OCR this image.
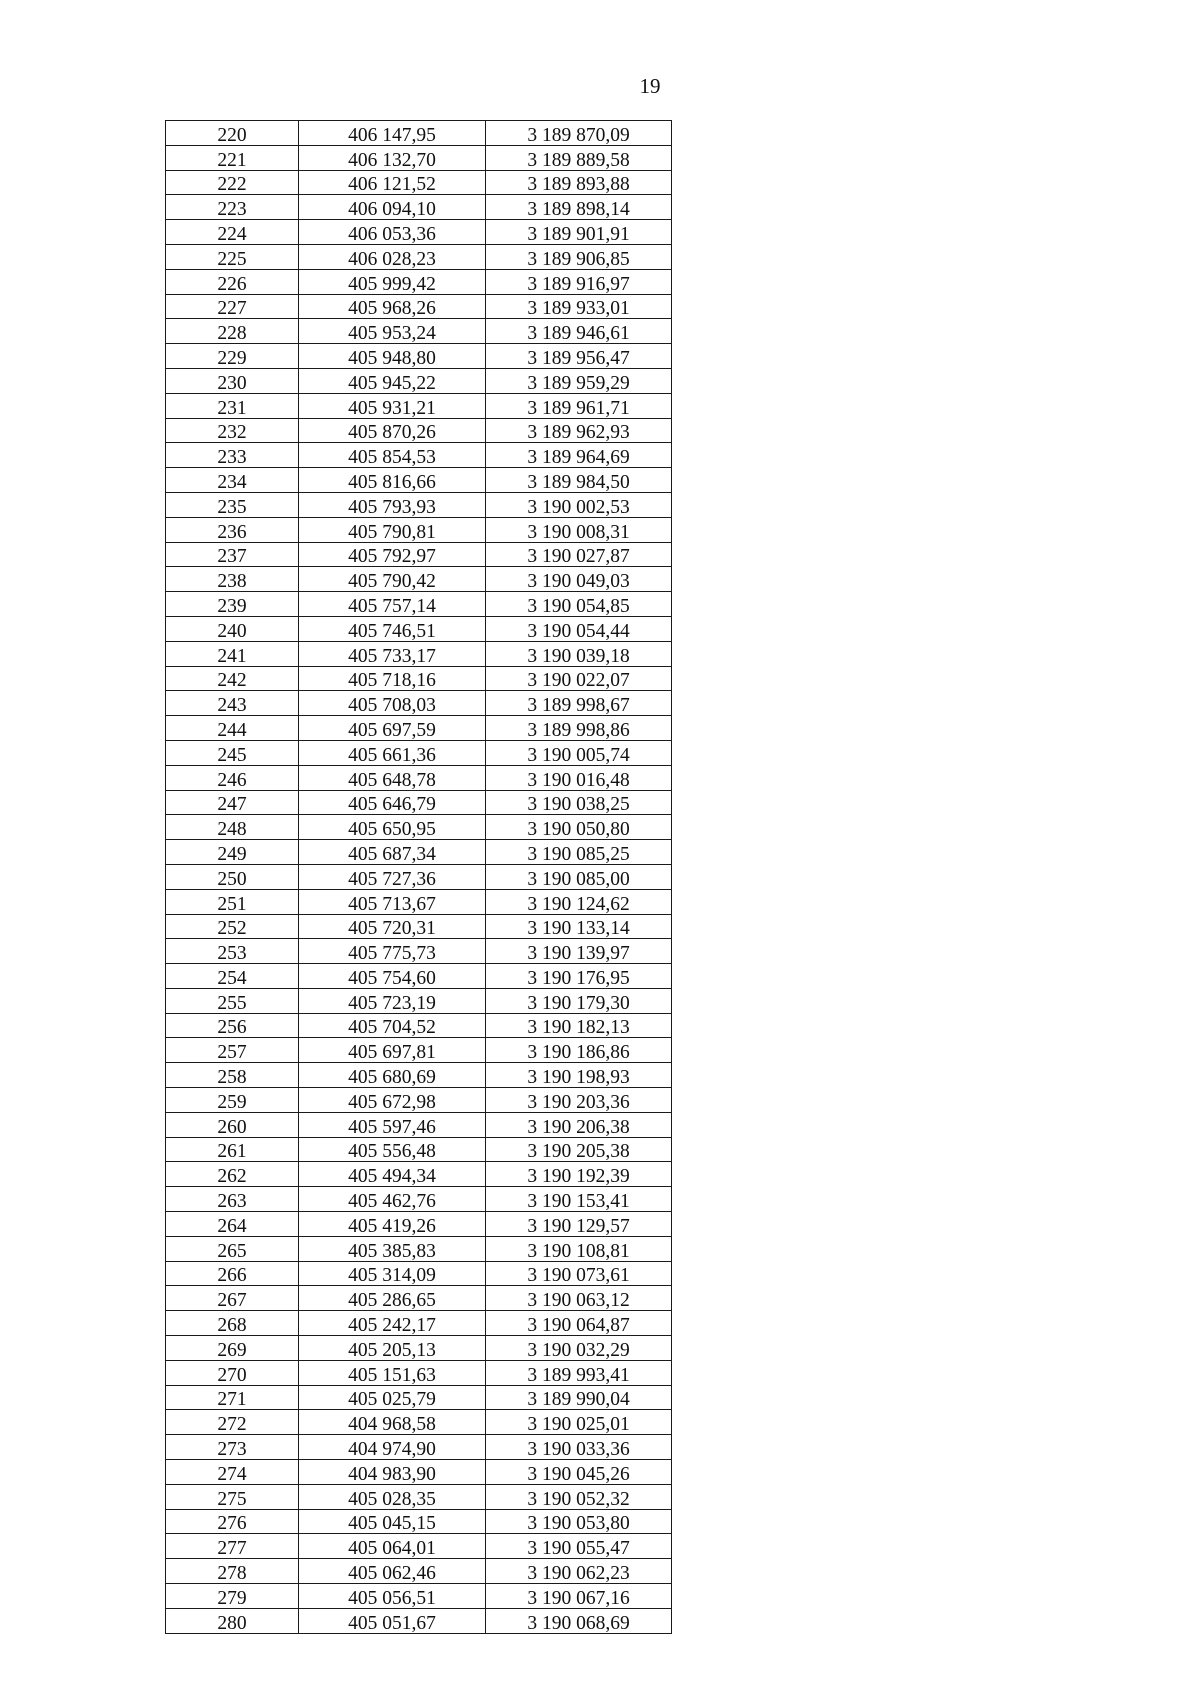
19
220	406 147,95	3 189 870,09
221	406 132,70	3 189 889,58
222	406 121,52	3 189 893,88
223	406 094,10	3 189 898,14
224	406 053,36	3 189 901,91
225	406 028,23	3 189 906,85
226	405 999,42	3 189 916,97
227	405 968,26	3 189 933,01
228	405 953,24	3 189 946,61
229	405 948,80	3 189 956,47
230	405 945,22	3 189 959,29
231	405 931,21	3 189 961,71
232	405 870,26	3 189 962,93
233	405 854,53	3 189 964,69
234	405 816,66	3 189 984,50
235	405 793,93	3 190 002,53
236	405 790,81	3 190 008,31
237	405 792,97	3 190 027,87
238	405 790,42	3 190 049,03
239	405 757,14	3 190 054,85
240	405 746,51	3 190 054,44
241	405 733,17	3 190 039,18
242	405 718,16	3 190 022,07
243	405 708,03	3 189 998,67
244	405 697,59	3 189 998,86
245	405 661,36	3 190 005,74
246	405 648,78	3 190 016,48
247	405 646,79	3 190 038,25
248	405 650,95	3 190 050,80
249	405 687,34	3 190 085,25
250	405 727,36	3 190 085,00
251	405 713,67	3 190 124,62
252	405 720,31	3 190 133,14
253	405 775,73	3 190 139,97
254	405 754,60	3 190 176,95
255	405 723,19	3 190 179,30
256	405 704,52	3 190 182,13
257	405 697,81	3 190 186,86
258	405 680,69	3 190 198,93
259	405 672,98	3 190 203,36
260	405 597,46	3 190 206,38
261	405 556,48	3 190 205,38
262	405 494,34	3 190 192,39
263	405 462,76	3 190 153,41
264	405 419,26	3 190 129,57
265	405 385,83	3 190 108,81
266	405 314,09	3 190 073,61
267	405 286,65	3 190 063,12
268	405 242,17	3 190 064,87
269	405 205,13	3 190 032,29
270	405 151,63	3 189 993,41
271	405 025,79	3 189 990,04
272	404 968,58	3 190 025,01
273	404 974,90	3 190 033,36
274	404 983,90	3 190 045,26
275	405 028,35	3 190 052,32
276	405 045,15	3 190 053,80
277	405 064,01	3 190 055,47
278	405 062,46	3 190 062,23
279	405 056,51	3 190 067,16
280	405 051,67	3 190 068,69
